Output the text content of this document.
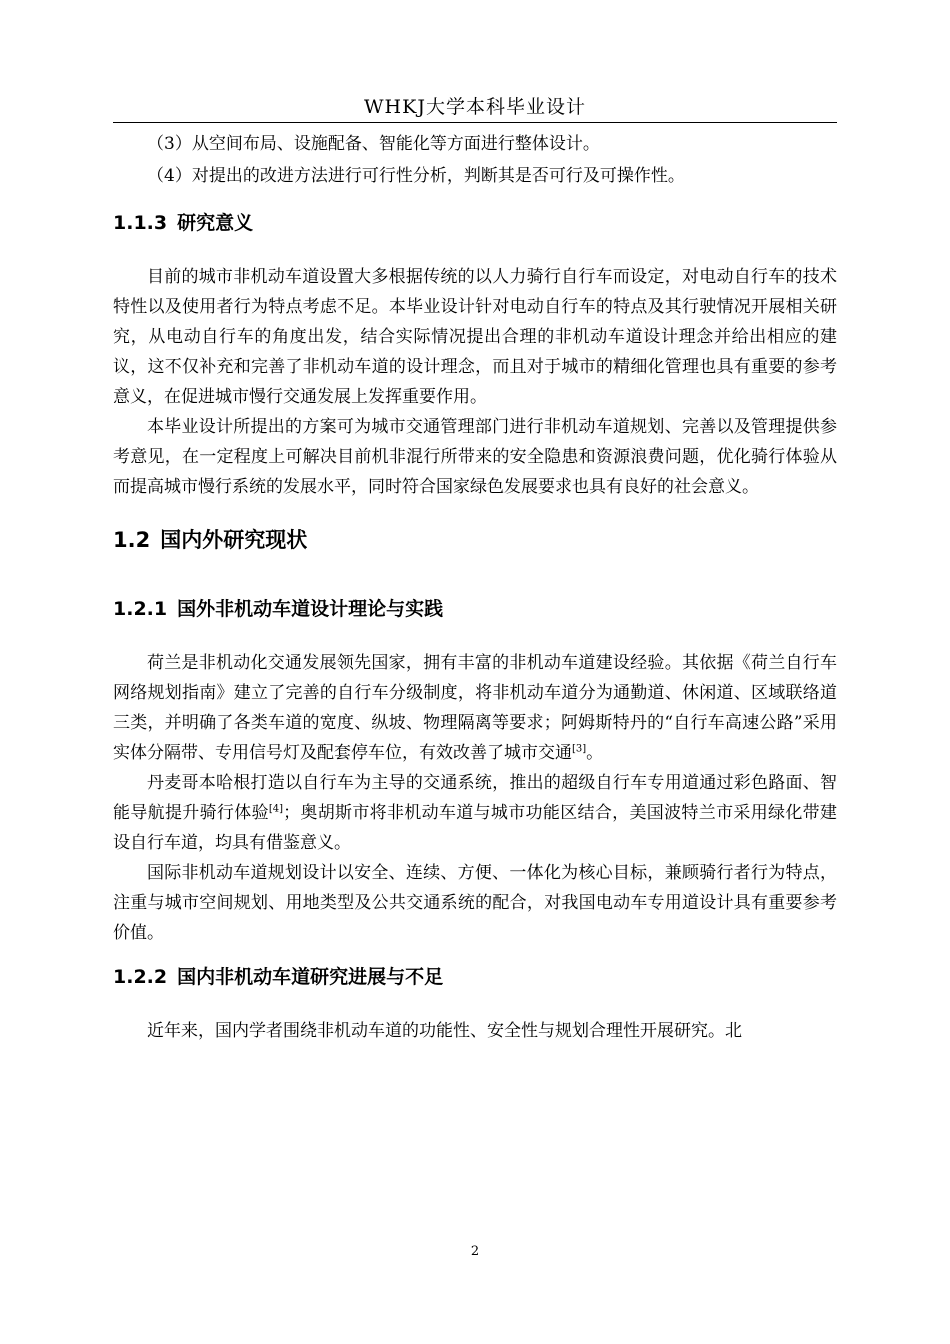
WHKJ大学本科毕业设计

（3）从空间布局、设施配备、智能化等方面进行整体设计。

（4）对提出的改进方法进行可行性分析，判断其是否可行及可操作性。

1.1.3 研究意义

目前的城市非机动车道设置大多根据传统的以人力骑行自行车而设定，对电动自行车的技术特性以及使用者行为特点考虑不足。本毕业设计针对电动自行车的特点及其行驶情况开展相关研究，从电动自行车的角度出发，结合实际情况提出合理的非机动车道设计理念并给出相应的建议，这不仅补充和完善了非机动车道的设计理念，而且对于城市的精细化管理也具有重要的参考意义，在促进城市慢行交通发展上发挥重要作用。

本毕业设计所提出的方案可为城市交通管理部门进行非机动车道规划、完善以及管理提供参考意见，在一定程度上可解决目前机非混行所带来的安全隐患和资源浪费问题，优化骑行体验从而提高城市慢行系统的发展水平，同时符合国家绿色发展要求也具有良好的社会意义。

1.2 国内外研究现状
1.2.1 国外非机动车道设计理论与实践

荷兰是非机动化交通发展领先国家，拥有丰富的非机动车道建设经验。其依据《荷兰自行车网络规划指南》建立了完善的自行车分级制度，将非机动车道分为通勤道、休闲道、区域联络道三类，并明确了各类车道的宽度、纵坡、物理隔离等要求；阿姆斯特丹的“自行车高速公路”采用实体分隔带、专用信号灯及配套停车位，有效改善了城市交通[3]。

丹麦哥本哈根打造以自行车为主导的交通系统，推出的超级自行车专用道通过彩色路面、智能导航提升骑行体验[4]；奥胡斯市将非机动车道与城市功能区结合，美国波特兰市采用绿化带建设自行车道，均具有借鉴意义。

国际非机动车道规划设计以安全、连续、方便、一体化为核心目标，兼顾骑行者行为特点，注重与城市空间规划、用地类型及公共交通系统的配合，对我国电动车专用道设计具有重要参考价值。

1.2.2 国内非机动车道研究进展与不足

近年来，国内学者围绕非机动车道的功能性、安全性与规划合理性开展研究。北

2
